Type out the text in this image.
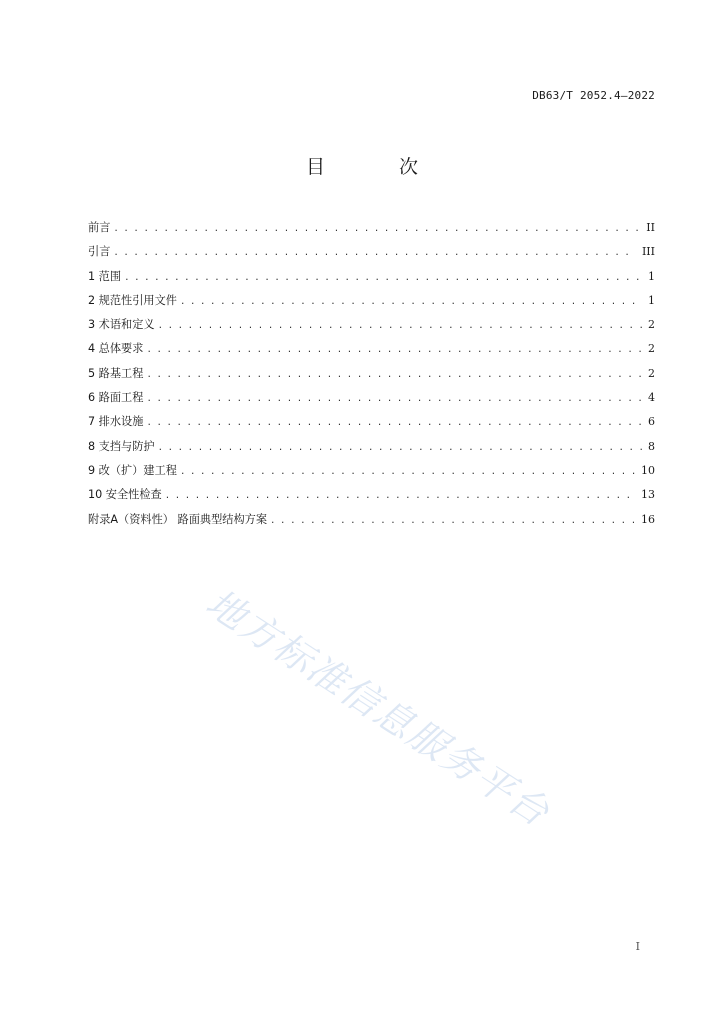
DB63/T 2052.4—2022
目 次
前言 .....	II
引言 .....	III
1 范围 .....	1
2 规范性引用文件 .....	1
3 术语和定义 .....	2
4 总体要求 .....	2
5 路基工程 .....	2
6 路面工程 .....	4
7 排水设施 .....	6
8 支挡与防护 .....	8
9 改（扩）建工程 .....	10
10 安全性检查 .....	13
附录A（资料性） 路面典型结构方案 .....	16
地方标准信息服务平台
I
